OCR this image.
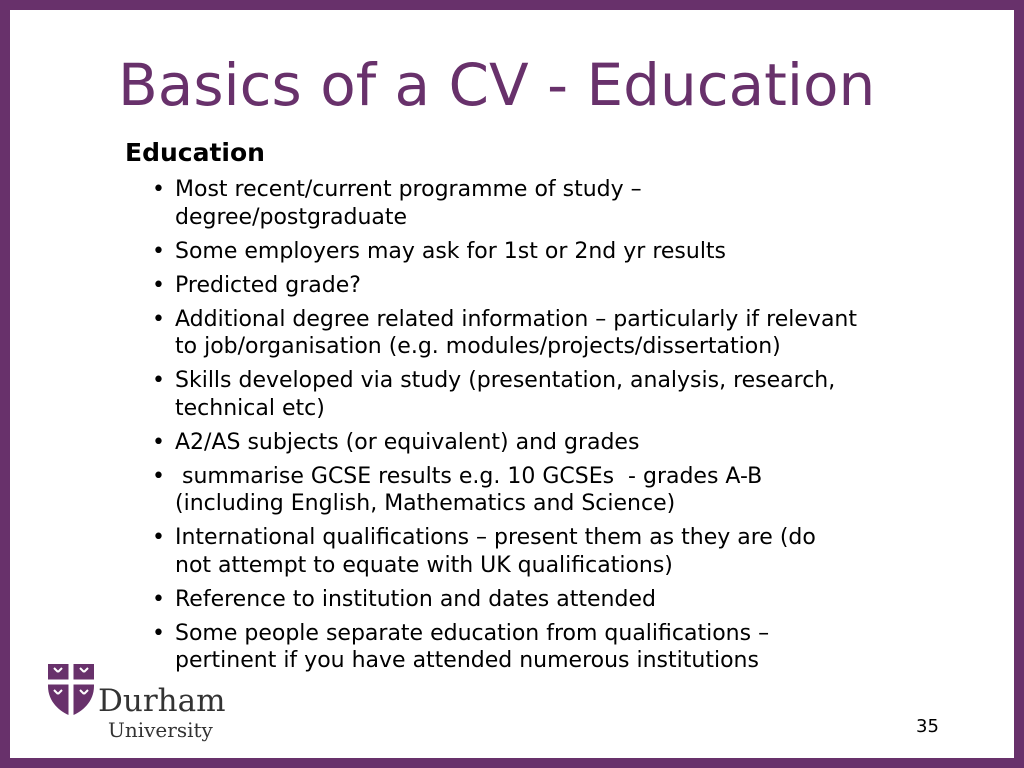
Basics of a CV - Education
Education
• Most recent/current programme of study –
degree/postgraduate
• Some employers may ask for 1st or 2nd yr results
• Predicted grade?
• Additional degree related information – particularly if relevant
to job/organisation (e.g. modules/projects/dissertation)
• Skills developed via study (presentation, analysis, research,
technical etc)
• A2/AS subjects (or equivalent) and grades
• summarise GCSE results e.g. 10 GCSEs  - grades A-B
(including English, Mathematics and Science)
• International qualifications – present them as they are (do
not attempt to equate with UK qualifications)
• Reference to institution and dates attended
• Some people separate education from qualifications –
pertinent if you have attended numerous institutions
Durham
University	35
